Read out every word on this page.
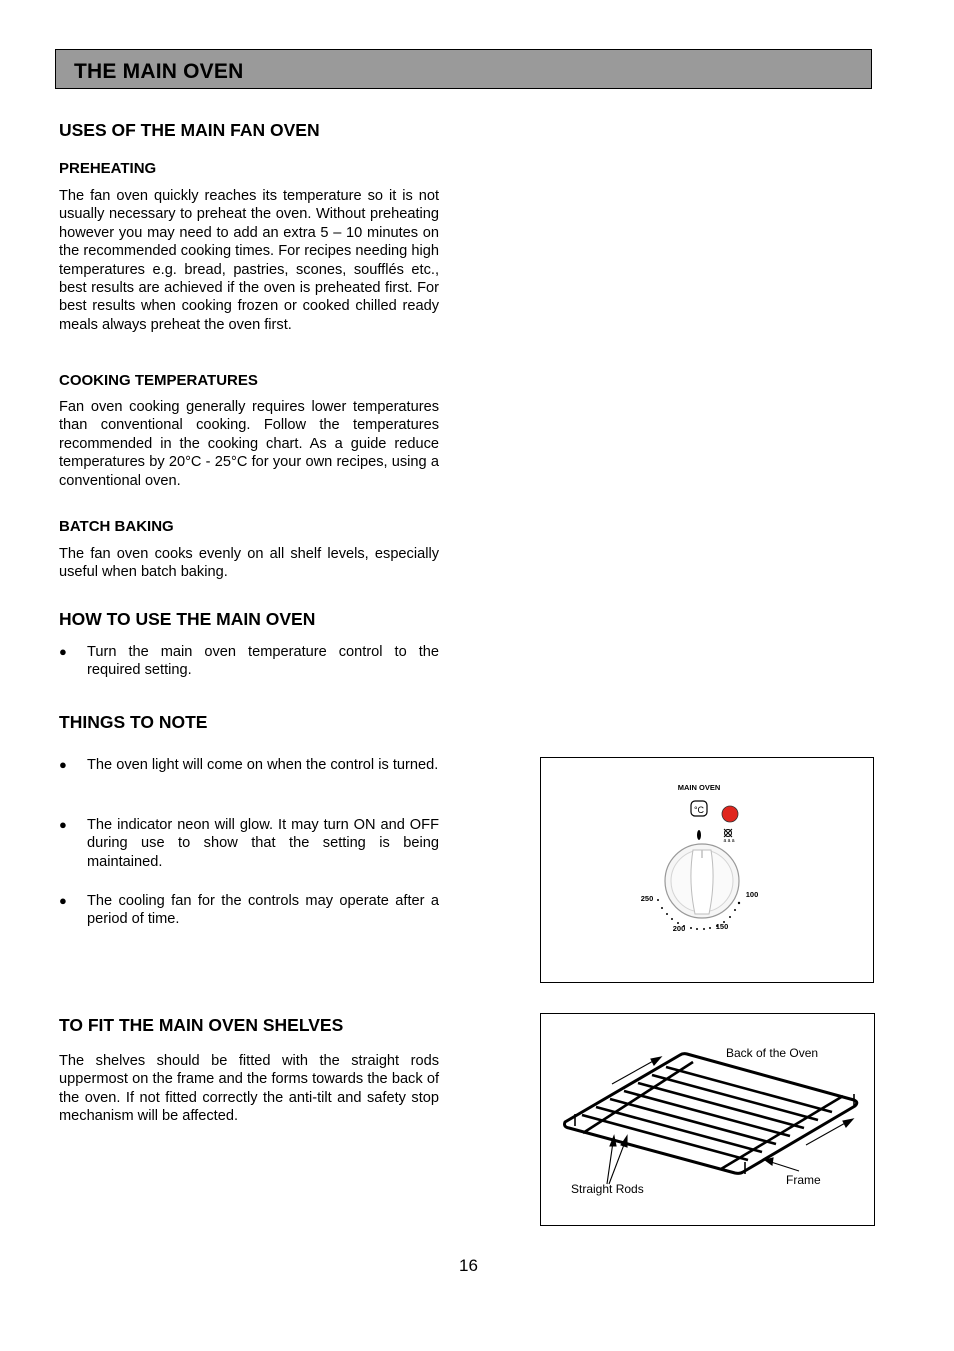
THE MAIN OVEN
USES OF THE MAIN FAN OVEN
PREHEATING

The fan oven quickly reaches its temperature so it is not usually necessary to preheat the oven. Without preheating however you may need to add an extra 5 – 10 minutes on the recommended cooking times. For recipes needing high temperatures e.g. bread, pastries, scones, soufflés etc., best results are achieved if the oven is preheated first. For best results when cooking frozen or cooked chilled ready meals always preheat the oven first.

COOKING TEMPERATURES

Fan oven cooking generally requires lower temperatures than conventional cooking. Follow the temperatures recommended in the cooking chart. As a guide reduce temperatures by 20°C - 25°C for your own recipes, using a conventional oven.

BATCH BAKING

The fan oven cooks evenly on all shelf levels, especially useful when batch baking.

HOW TO USE THE MAIN OVEN
● Turn the main oven temperature control to the required setting.
THINGS TO NOTE
● The oven light will come on when the control is turned.
● The indicator neon will glow. It may turn ON and OFF during use to show that the setting is being maintained.
● The cooling fan for the controls may operate after a period of time.
MAIN OVEN
°C
a a a
250
200	150
100
TO FIT THE MAIN OVEN SHELVES

The shelves should be fitted with the straight rods uppermost on the frame and the forms towards the back of the oven. If not fitted correctly the anti-tilt and safety stop mechanism will be affected.

Back of the Oven
Straight Rods
Frame
16
